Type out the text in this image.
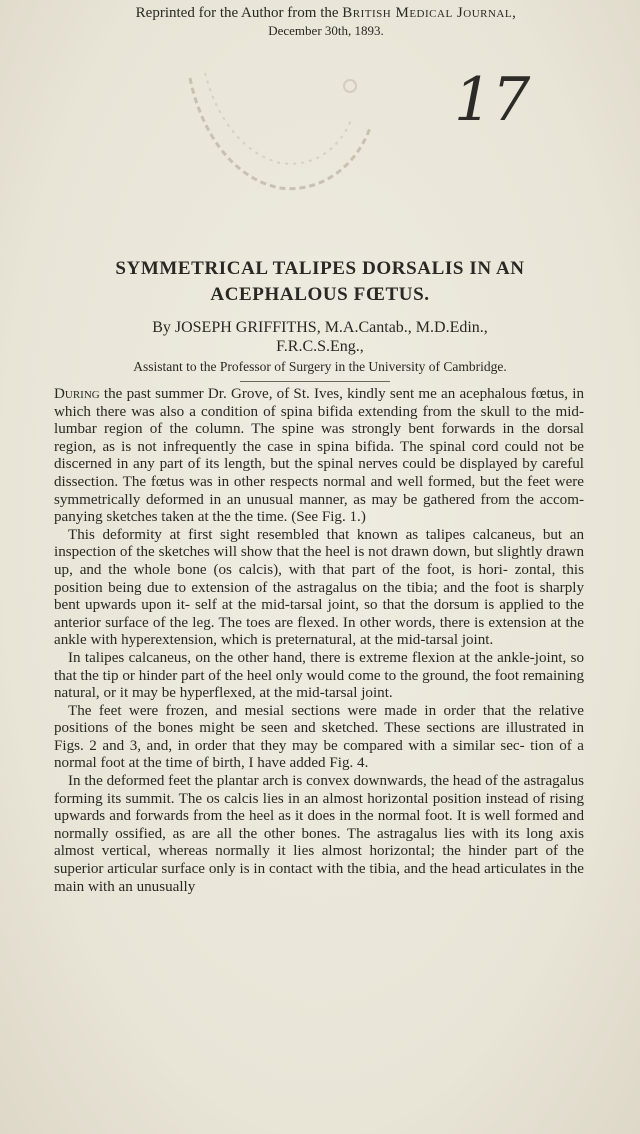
Reprinted for the Author from the British Medical Journal,
December 30th, 1893.
17
SYMMETRICAL TALIPES DORSALIS IN AN
ACEPHALOUS FŒTUS.
By JOSEPH GRIFFITHS, M.A.Cantab., M.D.Edin.,
F.R.C.S.Eng.,
Assistant to the Professor of Surgery in the University of Cambridge.

During the past summer Dr. Grove, of St. Ives, kindly sent me an acephalous fœtus, in which there was also a condition of spina bifida extending from the skull to the mid-lumbar region of the column. The spine was strongly bent forwards in the dorsal region, as is not infrequently the case in spina bifida. The spinal cord could not be discerned in any part of its length, but the spinal nerves could be displayed by careful dissection. The fœtus was in other respects normal and well formed, but the feet were symmetrically deformed in an unusual manner, as may be gathered from the accom- panying sketches taken at the the time. (See Fig. 1.)

This deformity at first sight resembled that known as talipes calcaneus, but an inspection of the sketches will show that the heel is not drawn down, but slightly drawn up, and the whole bone (os calcis), with that part of the foot, is hori- zontal, this position being due to extension of the astragalus on the tibia; and the foot is sharply bent upwards upon it- self at the mid-tarsal joint, so that the dorsum is applied to the anterior surface of the leg. The toes are flexed. In other words, there is extension at the ankle with hyperextension, which is preternatural, at the mid-tarsal joint.

In talipes calcaneus, on the other hand, there is extreme flexion at the ankle-joint, so that the tip or hinder part of the heel only would come to the ground, the foot remaining natural, or it may be hyperflexed, at the mid-tarsal joint.

The feet were frozen, and mesial sections were made in order that the relative positions of the bones might be seen and sketched. These sections are illustrated in Figs. 2 and 3, and, in order that they may be compared with a similar sec- tion of a normal foot at the time of birth, I have added Fig. 4.

In the deformed feet the plantar arch is convex downwards, the head of the astragalus forming its summit. The os calcis lies in an almost horizontal position instead of rising upwards and forwards from the heel as it does in the normal foot. It is well formed and normally ossified, as are all the other bones. The astragalus lies with its long axis almost vertical, whereas normally it lies almost horizontal; the hinder part of the superior articular surface only is in contact with the tibia, and the head articulates in the main with an unusually
